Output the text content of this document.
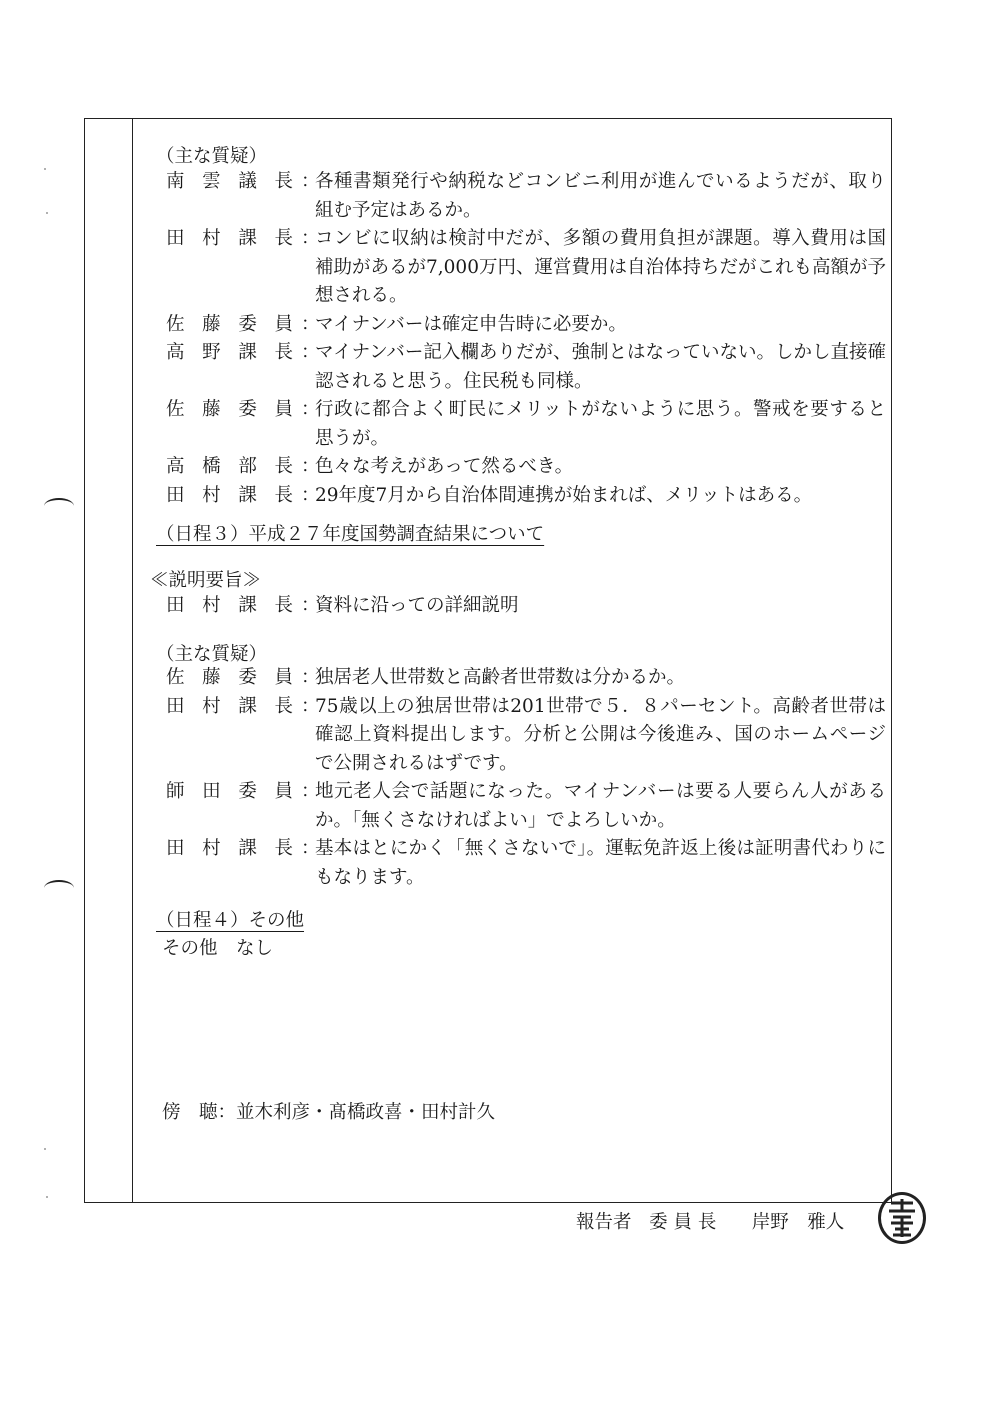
（主な質疑）
南 雲 議 長 ：
各種書類発行や納税などコンビニ利用が進んでいるようだが、取り組む予定はあるか。
田 村 課 長 ：
コンビに収納は検討中だが、多額の費用負担が課題。導入費用は国補助があるが7,000万円、運営費用は自治体持ちだがこれも高額が予想される。
佐 藤 委 員 ：
マイナンバーは確定申告時に必要か。
高 野 課 長 ：
マイナンバー記入欄ありだが、強制とはなっていない。しかし直接確認されると思う。住民税も同様。
佐 藤 委 員 ：
行政に都合よく町民にメリットがないように思う。警戒を要すると思うが。
高 橋 部 長 ：
色々な考えがあって然るべき。
田 村 課 長 ：
29年度7月から自治体間連携が始まれば、メリットはある。
（日程３）平成２７年度国勢調査結果について
≪説明要旨≫
田 村 課 長 ：
資料に沿っての詳細説明
（主な質疑）
佐 藤 委 員 ：
独居老人世帯数と高齢者世帯数は分かるか。
田 村 課 長 ：
75歳以上の独居世帯は201世帯で５．８パーセント。高齢者世帯は確認上資料提出します。分析と公開は今後進み、国のホームページで公開されるはずです。
師 田 委 員 ：
地元老人会で話題になった。マイナンバーは要る人要らん人があるか。「無くさなければよい」でよろしいか。
田 村 課 長 ：
基本はとにかく「無くさないで」。運転免許返上後は証明書代わりにもなります。
（日程４）その他
その他　なし
傍　聴：並木利彦・髙橋政喜・田村計久
報告者 委 員 長 岸野　雅人
